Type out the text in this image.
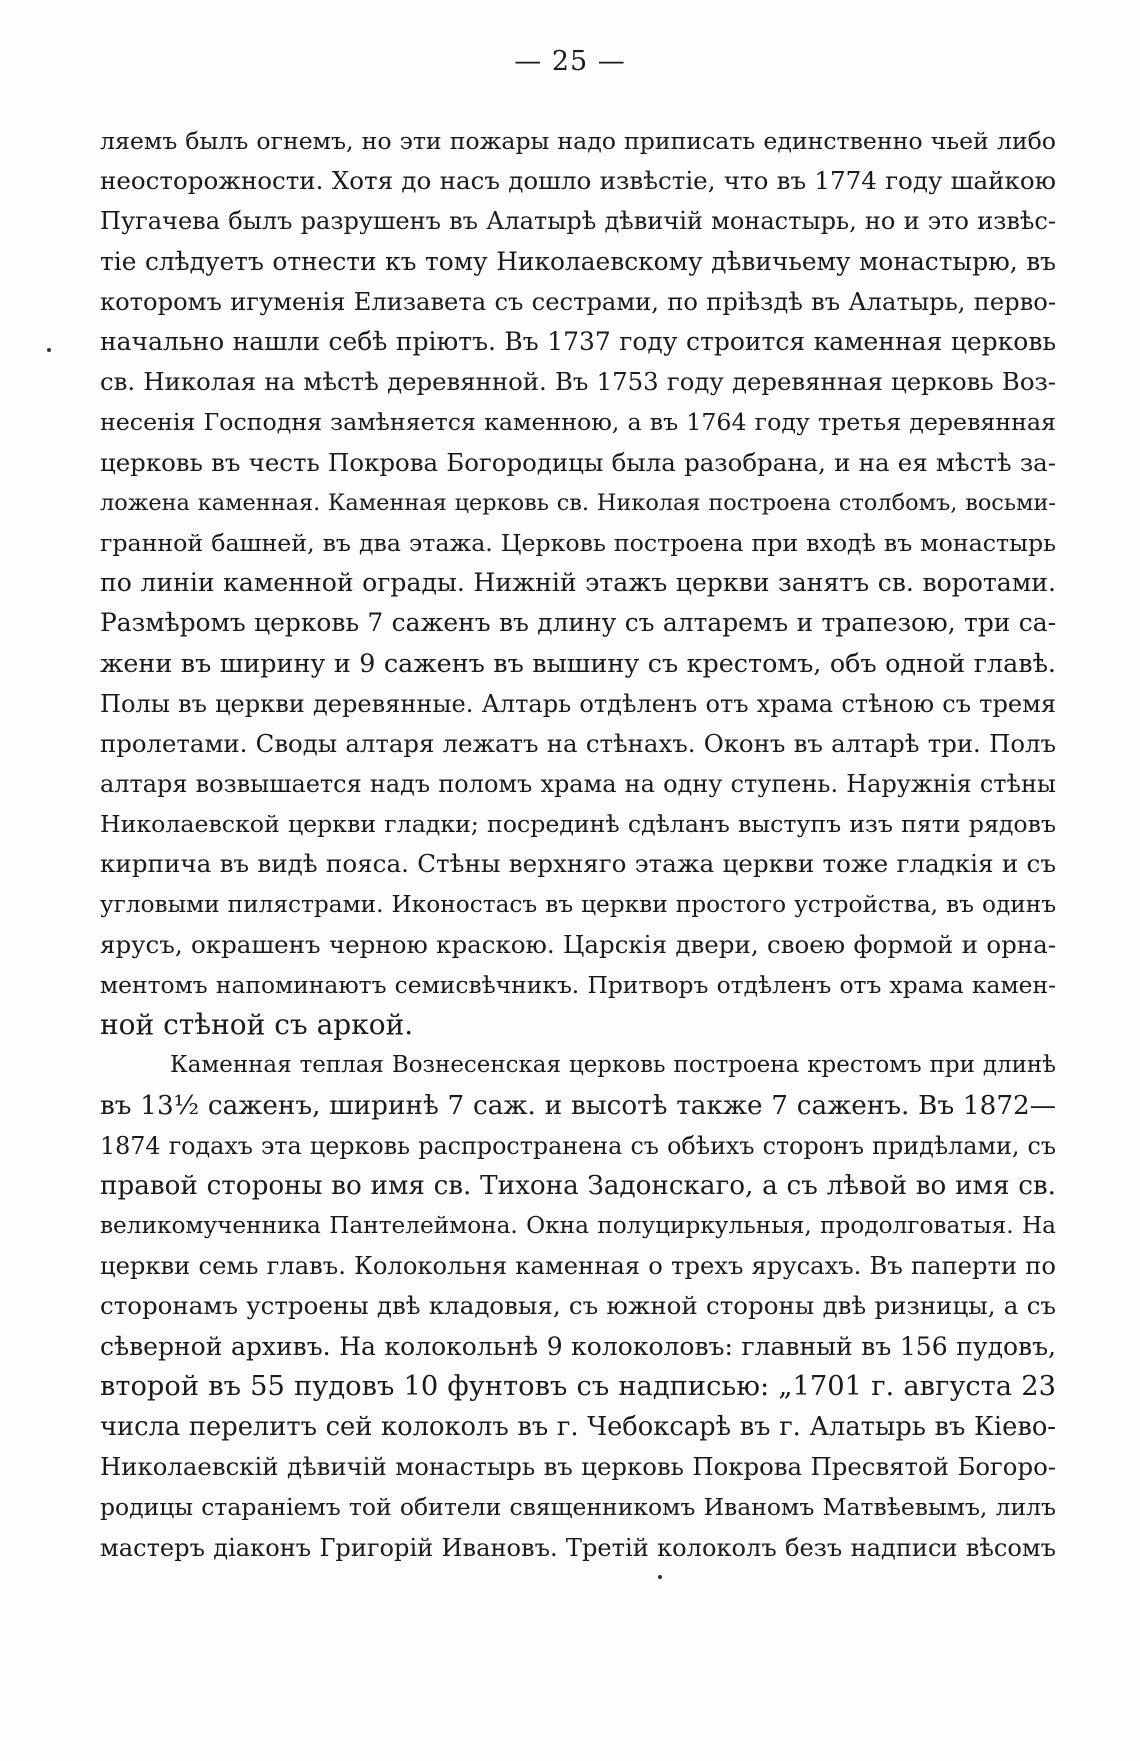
— 25 —
ляемъ былъ огнемъ, но эти пожары надо приписать единственно чьей либо
неосторожности. Хотя до насъ дошло извѣстіе, что въ 1774 году шайкою
Пугачева былъ разрушенъ въ Алатырѣ дѣвичій монастырь, но и это извѣс-
тіе слѣдуетъ отнести къ тому Николаевскому дѣвичьему монастырю, въ
которомъ игуменія Елизавета съ сестрами, по пріѣздѣ въ Алатырь, перво-
начально нашли себѣ пріютъ. Въ 1737 году строится каменная церковь
св. Николая на мѣстѣ деревянной. Въ 1753 году деревянная церковь Воз-
несенія Господня замѣняется каменною, а въ 1764 году третья деревянная
церковь въ честь Покрова Богородицы была разобрана, и на ея мѣстѣ за-
ложена каменная. Каменная церковь св. Николая построена столбомъ, восьми-
гранной башней, въ два этажа. Церковь построена при входѣ въ монастырь
по линіи каменной ограды. Нижній этажъ церкви занятъ св. воротами.
Размѣромъ церковь 7 саженъ въ длину съ алтаремъ и трапезою, три са-
жени въ ширину и 9 саженъ въ вышину съ крестомъ, объ одной главѣ.
Полы въ церкви деревянные. Алтарь отдѣленъ отъ храма стѣною съ тремя
пролетами. Своды алтаря лежатъ на стѣнахъ. Оконъ въ алтарѣ три. Полъ
алтаря возвышается надъ поломъ храма на одну ступень. Наружнія стѣны
Николаевской церкви гладки; посрединѣ сдѣланъ выступъ изъ пяти рядовъ
кирпича въ видѣ пояса. Стѣны верхняго этажа церкви тоже гладкія и съ
угловыми пилястрами. Иконостасъ въ церкви простого устройства, въ одинъ
ярусъ, окрашенъ черною краскою. Царскія двери, своею формой и орна-
ментомъ напоминаютъ семисвѣчникъ. Притворъ отдѣленъ отъ храма камен-
ной стѣной съ аркой.
Каменная теплая Вознесенская церковь построена крестомъ при длинѣ
въ 13½ саженъ, ширинѣ 7 саж. и высотѣ также 7 саженъ. Въ 1872—
1874 годахъ эта церковь распространена съ обѣихъ сторонъ придѣлами, съ
правой стороны во имя св. Тихона Задонскаго, а съ лѣвой во имя св.
великомученника Пантелеймона. Окна полуциркульныя, продолговатыя. На
церкви семь главъ. Колокольня каменная о трехъ ярусахъ. Въ паперти по
сторонамъ устроены двѣ кладовыя, съ южной стороны двѣ ризницы, а съ
сѣверной архивъ. На колокольнѣ 9 колоколовъ: главный въ 156 пудовъ,
второй въ 55 пудовъ 10 фунтовъ съ надписью: „1701 г. августа 23
числа перелитъ сей колоколъ въ г. Чебоксарѣ въ г. Алатырь въ Кіево-
Николаевскій дѣвичій монастырь въ церковь Покрова Пресвятой Богоро-
родицы стараніемъ той обители священникомъ Иваномъ Матвѣевымъ, лилъ
мастеръ діаконъ Григорій Ивановъ. Третій колоколъ безъ надписи вѣсомъ
